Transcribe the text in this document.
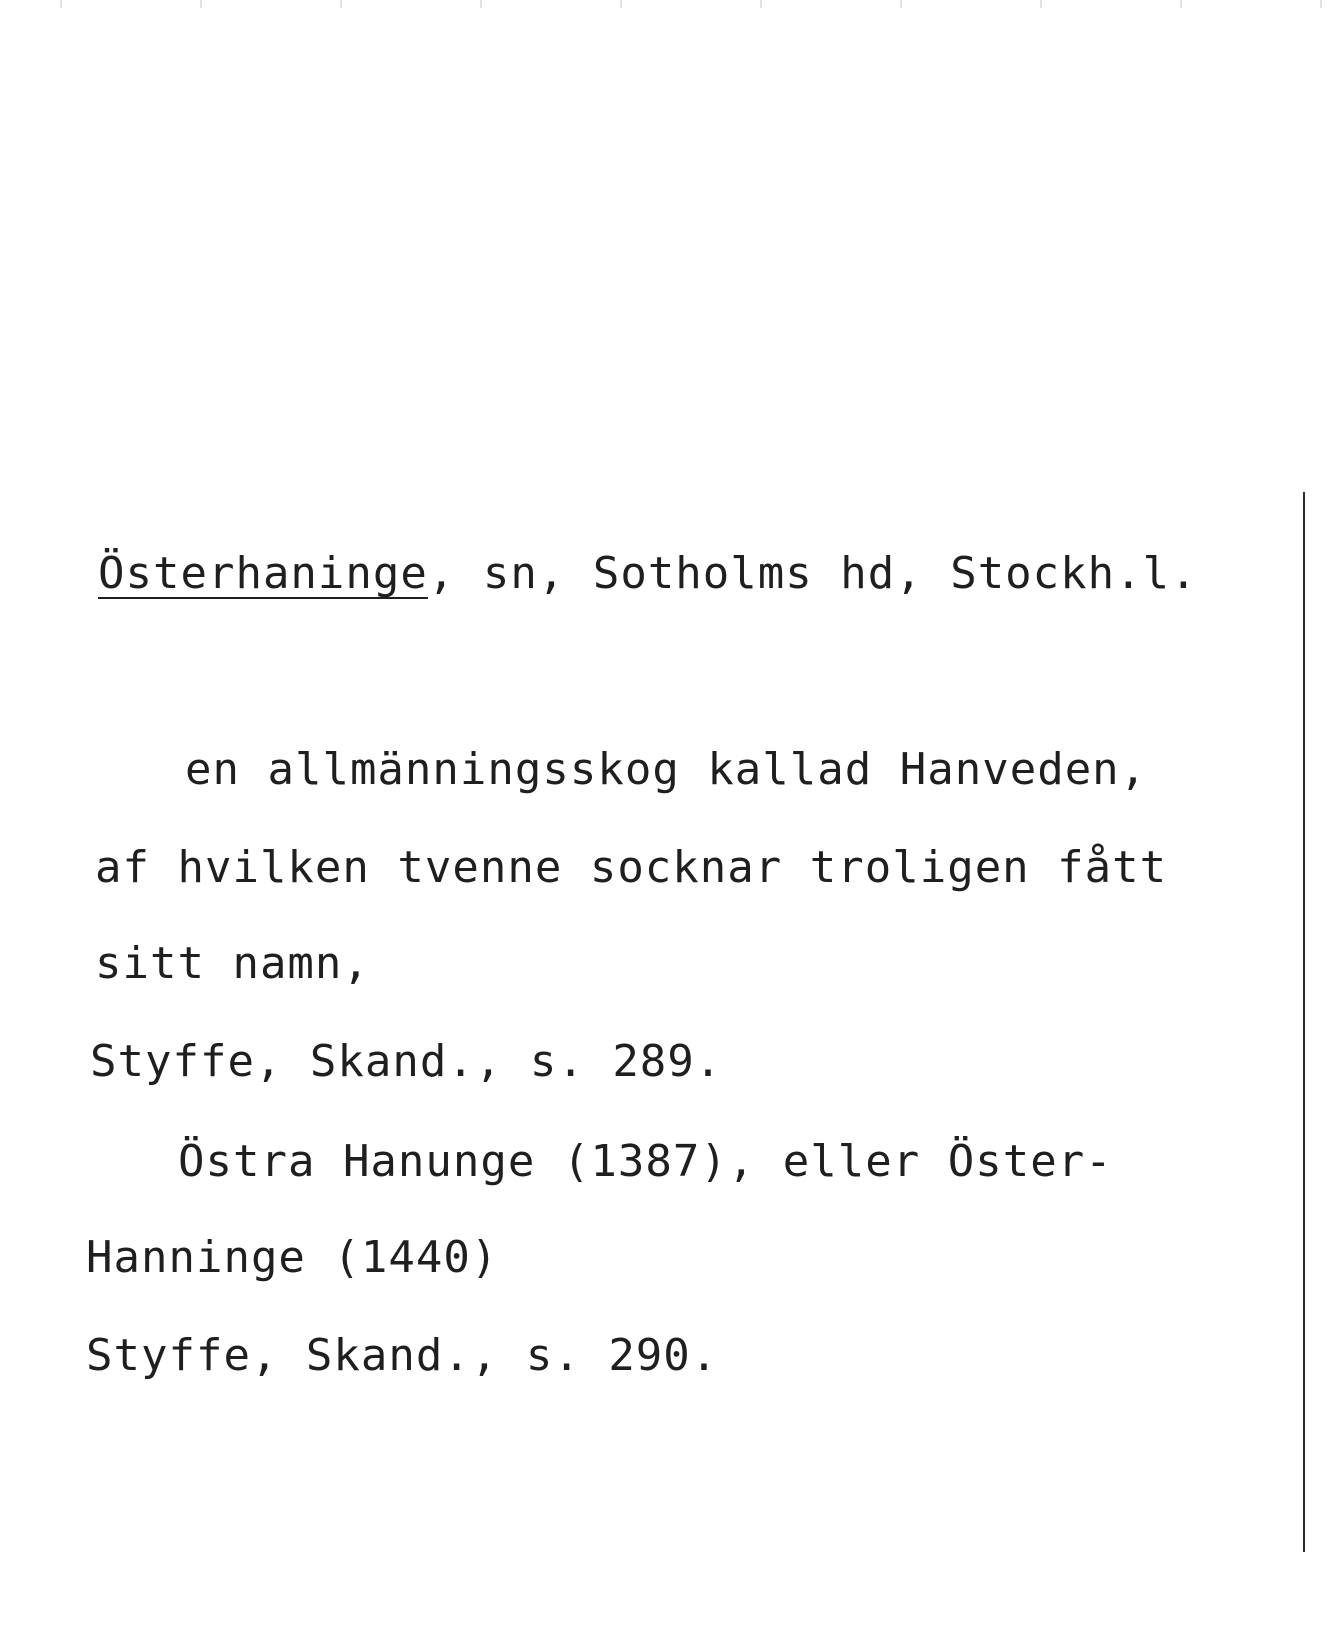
Österhaninge, sn, Sotholms hd, Stockh.l.
en allmänningsskog kallad Hanveden,
af hvilken tvenne socknar troligen fått
sitt namn,
Styffe, Skand., s. 289.
Östra Hanunge (1387), eller Öster-
Hanninge (1440)
Styffe, Skand., s. 290.
